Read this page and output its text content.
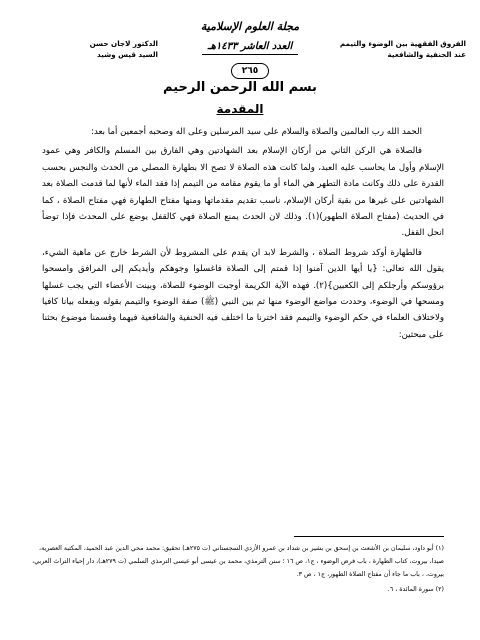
الفروق الفقهية بين الوضوء والتيمم
عند الحنفية والشافعية
مجلة العلوم الإسلامية
العدد العاشر ١٤٣٣هـ
٢٦٥
الدكتور لاجان حسن
السيد قيس وشيد
بسم الله الرحمن الرحيم
المقدمة

الحمد الله رب العالمين والصلاة والسلام على سيد المرسلين وعلى اله وصحبه أجمعين أما بعد:

فالصلاة هي الركن الثاني من أركان الإسلام بعد الشهادتين وهي الفارق بين المسلم والكافر وهي عمود الإسلام وأول ما يحاسب عليه العبد، ولما كانت هذه الصلاة لا تصح الا بطهارة المصلي من الحدث والنجس بحسب القدرة على ذلك وكانت مادة التطهر هي الماء أو ما يقوم مقامه من التيمم إذا فقد الماء لأنها لما قدمت الصلاة بعد الشهادتين على غيرها من بقية أركان الإسلام، ناسب تقديم مقدماتها ومنها مفتاح الطهارة فهي مفتاح الصلاة ، كما في الحديث (مفتاح الصلاة الطهور)(١). وذلك لان الحدث يمنع الصلاة فهي كالقفل يوضع على المحدث فإذا توضأ انحل القفل.

فالطهارة أوكد شروط الصلاة ، والشرط لابد ان يقدم على المشروط لأن الشرط خارج عن ماهية الشيء، يقول الله تعالى: {يا أيها الذين آمنوا إذا قمتم إلى الصلاة فاغسلوا وجوهكم وأيديكم إلى المرافق وامسحوا برؤوسكم وأرجلكم إلى الكعبين}(٢). فهذه الآية الكريمة أوجبت الوضوء للصلاة، وبينت الأعضاء التي يجب غسلها ومسحها في الوضوء، وحددت مواضع الوضوء منها ثم بين النبي (ﷺ) صفة الوضوء والتيمم بقوله وبفعله بيانا كافيا ولاختلاف العلماء في حكم الوضوء والتيمم فقد اخترنا ما اختلف فيه الحنفية والشافعية فيهما وقسمنا موضوع بحثنا على مبحثين:

(١) أبو داود، سليمان بن الأشعث بن إسحق بن بشير بن شداد بن عمرو الأزدي السجستاني (ت ٢٧٥هـ) تحقيق: محمد محي الدين عبد الحميد، المكتبة العصرية، صيدا، بيروت، كتاب الطهارة ، باب فرض الوضوء ، ج١، ص ١٦ ؛ سنن الترمذي، محمد بن عيسى أبو عيسى الترمذي السلمي (ت ٢٧٩هـ)، دار إحياء التراث العربي، بيروت، ، باب ما جاء أن مفتاح الصلاة الطهور، ج١ ، ص ٣.
(٢) سورة المائدة ، ٦.
